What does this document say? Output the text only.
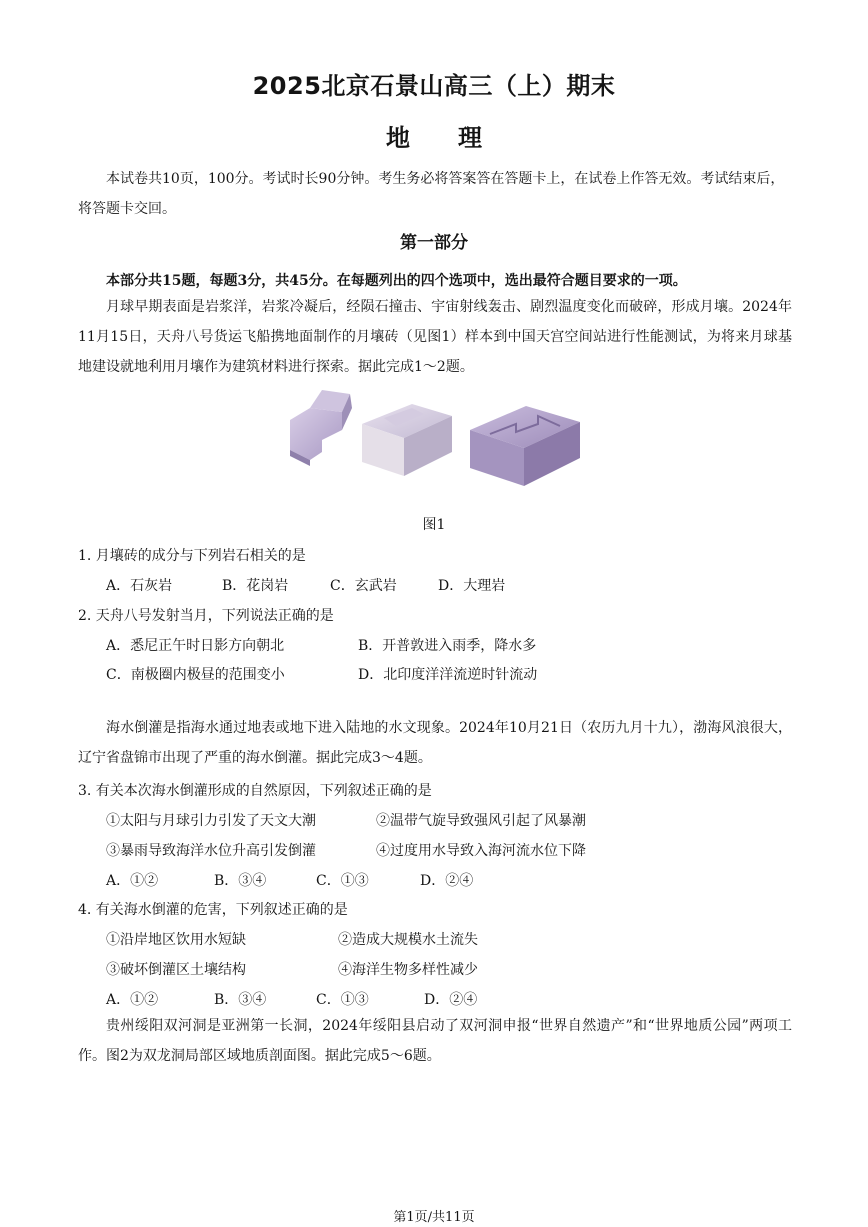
2025北京石景山高三（上）期末
地　　理

本试卷共10页，100分。考试时长90分钟。考生务必将答案答在答题卡上，在试卷上作答无效。考试结束后，将答题卡交回。

第一部分
本部分共15题，每题3分，共45分。在每题列出的四个选项中，选出最符合题目要求的一项。

月球早期表面是岩浆洋，岩浆冷凝后，经陨石撞击、宇宙射线轰击、剧烈温度变化而破碎，形成月壤。2024年11月15日，天舟八号货运飞船携地面制作的月壤砖（见图1）样本到中国天宫空间站进行性能测试，为将来月球基地建设就地利用月壤作为建筑材料进行探索。据此完成1～2题。

图1
1. 月壤砖的成分与下列岩石相关的是
A．石灰岩	B．花岗岩	C．玄武岩	D．大理岩
2. 天舟八号发射当月，下列说法正确的是
A．悉尼正午时日影方向朝北	B．开普敦进入雨季，降水多
C．南极圈内极昼的范围变小	D．北印度洋洋流逆时针流动

海水倒灌是指海水通过地表或地下进入陆地的水文现象。2024年10月21日（农历九月十九），渤海风浪很大，辽宁省盘锦市出现了严重的海水倒灌。据此完成3～4题。

3. 有关本次海水倒灌形成的自然原因，下列叙述正确的是
①太阳与月球引力引发了天文大潮	②温带气旋导致强风引起了风暴潮
③暴雨导致海洋水位升高引发倒灌	④过度用水导致入海河流水位下降
A．①②	B．③④	C．①③	D．②④
4. 有关海水倒灌的危害，下列叙述正确的是
①沿岸地区饮用水短缺	②造成大规模水土流失
③破坏倒灌区土壤结构	④海洋生物多样性减少
A．①②	B．③④	C．①③	D．②④

贵州绥阳双河洞是亚洲第一长洞，2024年绥阳县启动了双河洞申报“世界自然遗产”和“世界地质公园”两项工作。图2为双龙洞局部区域地质剖面图。据此完成5～6题。

第1页/共11页
